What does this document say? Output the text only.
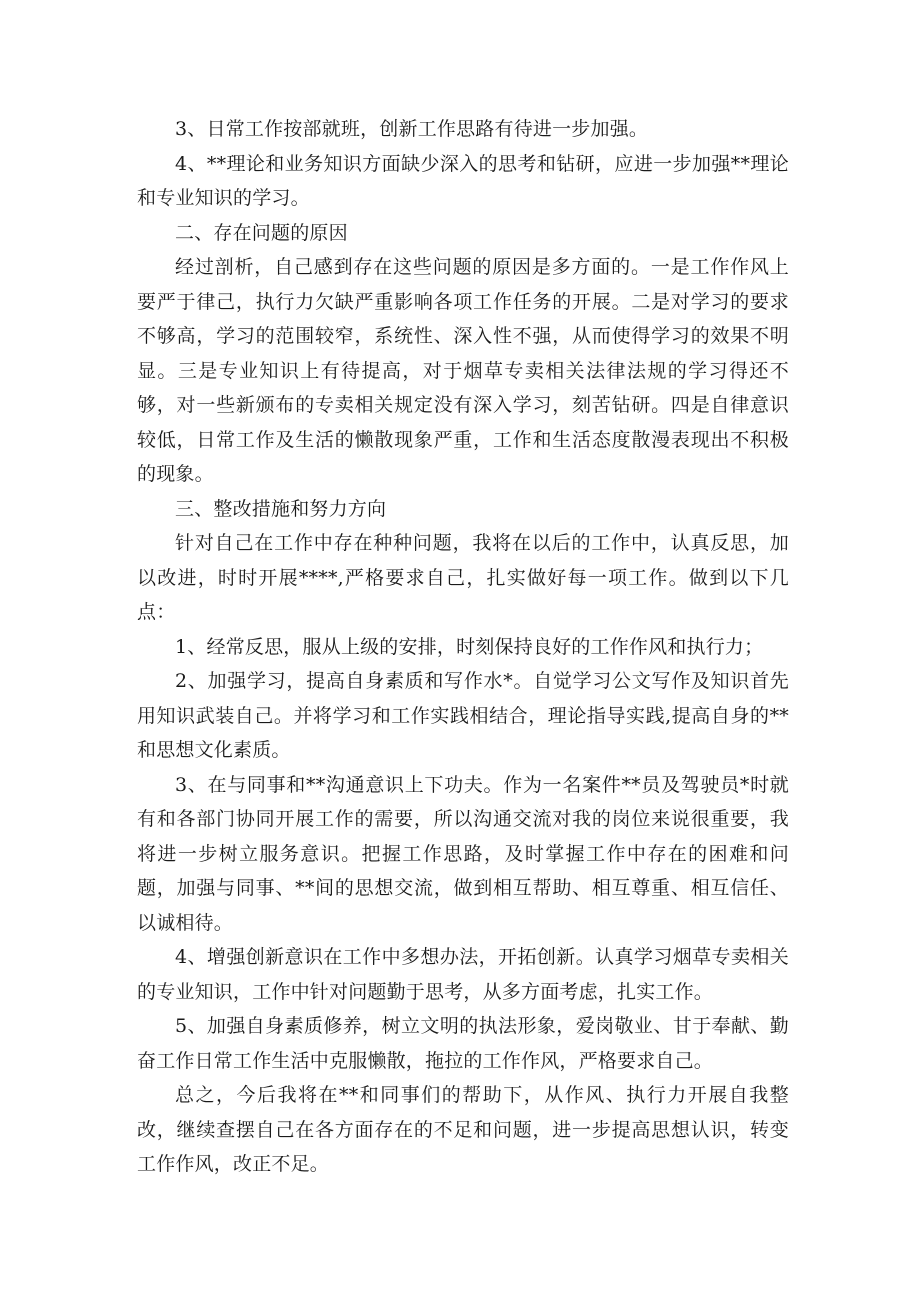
3、日常工作按部就班，创新工作思路有待进一步加强。

4、**理论和业务知识方面缺少深入的思考和钻研，应进一步加强**理论和专业知识的学习。

二、存在问题的原因

经过剖析，自己感到存在这些问题的原因是多方面的。一是工作作风上要严于律己，执行力欠缺严重影响各项工作任务的开展。二是对学习的要求不够高，学习的范围较窄，系统性、深入性不强，从而使得学习的效果不明显。三是专业知识上有待提高，对于烟草专卖相关法律法规的学习得还不够，对一些新颁布的专卖相关规定没有深入学习，刻苦钻研。四是自律意识较低，日常工作及生活的懒散现象严重，工作和生活态度散漫表现出不积极的现象。

三、整改措施和努力方向

针对自己在工作中存在种种问题，我将在以后的工作中，认真反思，加以改进，时时开展****,严格要求自己，扎实做好每一项工作。做到以下几点：

1、经常反思，服从上级的安排，时刻保持良好的工作作风和执行力；

2、加强学习，提高自身素质和写作水*。自觉学习公文写作及知识首先用知识武装自己。并将学习和工作实践相结合，理论指导实践,提高自身的**和思想文化素质。

3、在与同事和**沟通意识上下功夫。作为一名案件**员及驾驶员*时就有和各部门协同开展工作的需要，所以沟通交流对我的岗位来说很重要，我将进一步树立服务意识。把握工作思路，及时掌握工作中存在的困难和问题，加强与同事、**间的思想交流，做到相互帮助、相互尊重、相互信任、以诚相待。

4、增强创新意识在工作中多想办法，开拓创新。认真学习烟草专卖相关的专业知识，工作中针对问题勤于思考，从多方面考虑，扎实工作。

5、加强自身素质修养，树立文明的执法形象，爱岗敬业、甘于奉献、勤奋工作日常工作生活中克服懒散，拖拉的工作作风，严格要求自己。

总之，今后我将在**和同事们的帮助下，从作风、执行力开展自我整改，继续查摆自己在各方面存在的不足和问题，进一步提高思想认识，转变工作作风，改正不足。
